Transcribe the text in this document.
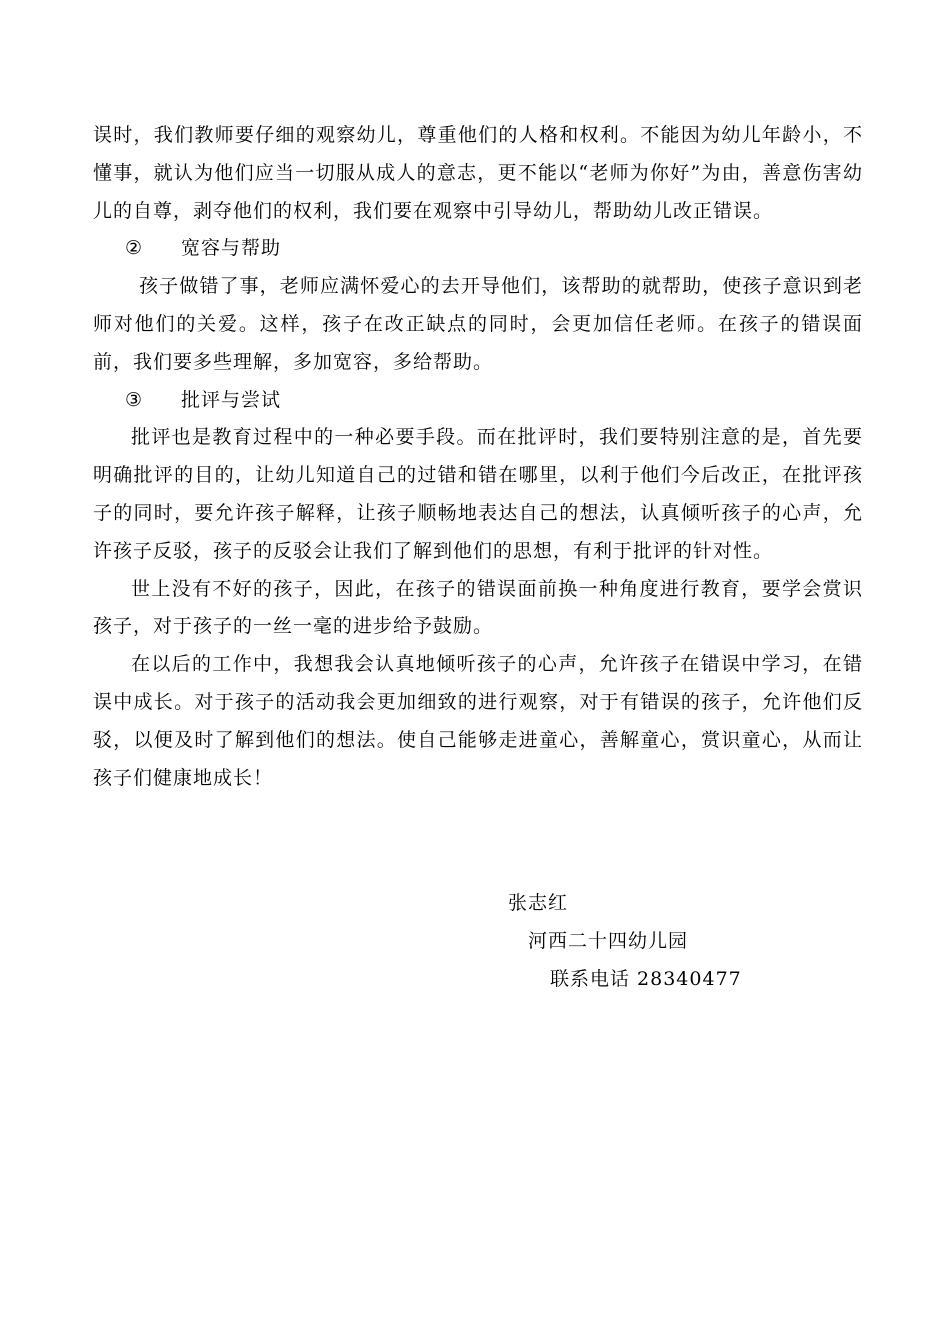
误时，我们教师要仔细的观察幼儿，尊重他们的人格和权利。不能因为幼儿年龄小，不懂事，就认为他们应当一切服从成人的意志，更不能以“老师为你好”为由，善意伤害幼儿的自尊，剥夺他们的权利，我们要在观察中引导幼儿，帮助幼儿改正错误。

② 宽容与帮助

孩子做错了事，老师应满怀爱心的去开导他们，该帮助的就帮助，使孩子意识到老师对他们的关爱。这样，孩子在改正缺点的同时，会更加信任老师。在孩子的错误面前，我们要多些理解，多加宽容，多给帮助。

③ 批评与尝试

批评也是教育过程中的一种必要手段。而在批评时，我们要特别注意的是，首先要明确批评的目的，让幼儿知道自己的过错和错在哪里，以利于他们今后改正，在批评孩子的同时，要允许孩子解释，让孩子顺畅地表达自己的想法，认真倾听孩子的心声，允许孩子反驳，孩子的反驳会让我们了解到他们的思想，有利于批评的针对性。

世上没有不好的孩子，因此，在孩子的错误面前换一种角度进行教育，要学会赏识孩子，对于孩子的一丝一毫的进步给予鼓励。

在以后的工作中，我想我会认真地倾听孩子的心声，允许孩子在错误中学习，在错误中成长。对于孩子的活动我会更加细致的进行观察，对于有错误的孩子，允许他们反驳，以便及时了解到他们的想法。使自己能够走进童心，善解童心，赏识童心，从而让孩子们健康地成长！

张志红
河西二十四幼儿园
联系电话 28340477
